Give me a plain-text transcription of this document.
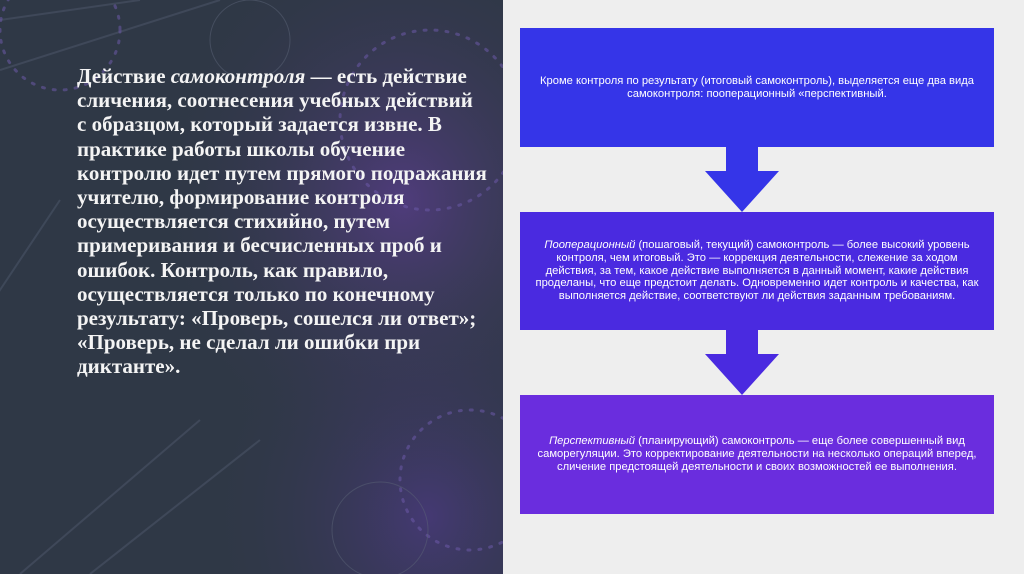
Действие самоконтроля — есть действие сличения, соотнесения учебных действий с образцом, который задается извне. В практике работы школы обучение контролю идет путем прямого подражания учителю, формирование контроля осуществляется стихийно, путем примеривания и бесчисленных проб и ошибок. Контроль, как правило, осуществляется только по конечному результату: «Проверь, сошелся ли ответ»; «Проверь, не сделал ли ошибки при диктанте».

Кроме контроля по результату (итоговый самоконтроль), выделяется еще два вида самоконтроля: пооперационный «перспективный.
Пооперационный (пошаговый, текущий) самоконтроль — более высокий уровень контроля, чем итоговый. Это — коррекция деятельности, слежение за ходом действия, за тем, какое действие выполняется в данный момент, какие действия проделаны, что еще предстоит делать. Одновременно идет контроль и качества, как выполняется действие, соответствуют ли действия заданным требованиям.
Перспективный (планирующий) самоконтроль — еще более совершенный вид саморегуляции. Это корректирование деятельности на несколько операций вперед, сличение предстоящей деятельности и своих возможностей ее выполнения.
